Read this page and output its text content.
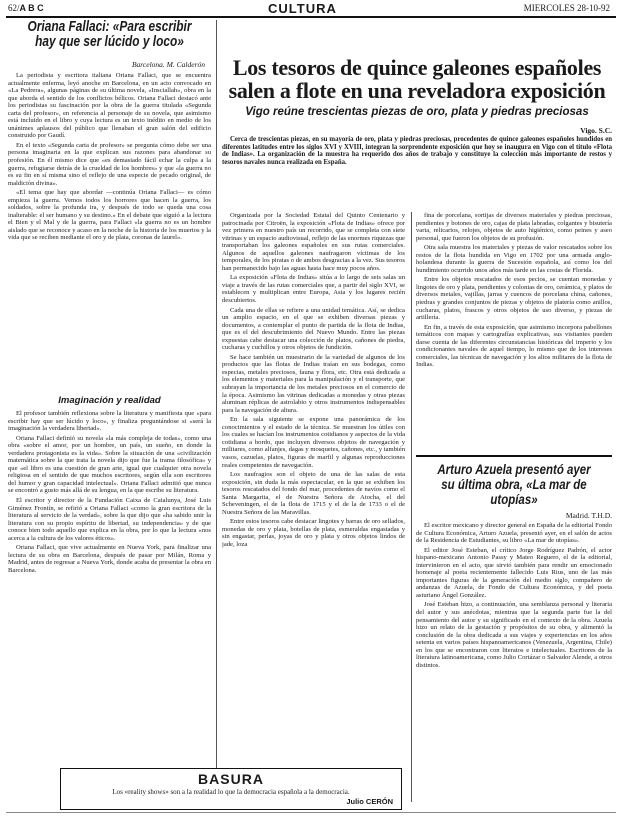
62/A B C	CULTURA	MIERCOLES 28-10-92
Oriana Fallaci: «Para escribir hay que ser lúcido y loco»
Barcelona. M. Calderón

La periodista y escritora italiana Oriana Fallaci, que se encuentra actualmente enferma, leyó anoche en Barcelona, en un acto convocado en «La Pedrera», algunas páginas de su última novela, «Insciallah», obra en la que aborda el sentido de los conflictos bélicos. Oriana Fallaci destacó ante los periodistas su fascinación por la obra de la guerra titulada «Segunda carta del profesor», en referencia al personaje de su novela, que asimismo está incluido en el libro y cuya lectura es un texto inédito en medio de los unánimes aplausos del público que llenaban el gran salón del edificio construido por Gaudí.

En el texto «Segunda carta de profesor» se pregunta cómo debe ser una persona imaginaria en la que explican sus razones para abandonar su profesión. En él mismo dice que «es demasiado fácil echar la culpa a la guerra, refugiarse detrás de la crueldad de los hombres» y que «la guerra no es su fin en sí misma sino el reflejo de una especie de pecado original, de maldición divina».

«El tema que hay que abordar —continúa Oriana Fallaci— es cómo empieza la guerra. Vemos todos los horrores que hacen la guerra, los soldados, sobre la profunda ira, y después de todo se queda una cosa inalterable: el ser humano y su destino.» En el debate que siguió a la lectura el Bien y el Mal y de la guerra, para Fallaci «la guerra no es un hombre aislado que se reconoce y acaso en la noche de la historia de los muertos y la vida que se reciben mediante el oro y de plata, coronas de laurel».

Imaginación y realidad

El profesor también reflexiona sobre la literatura y manifiesta que «para escribir hay que ser lúcido y loco», y finaliza preguntándose si «será la imaginación la verdadera libertad».

Oriana Fallaci definió su novela «la más compleja de todas», como una obra «sobre el amor, por un hombre, un país, un sueño, en donde la verdadera protagonista es la vida». Sobre la situación de una «civilización matemática sobre la que trata la novela dijo que fue la trama filosófica» y que «el libro es una cuestión de gran arte, igual que cualquier otra novela religiosa en el sentido de que muchos escritores, según ella son escritores del humor y gran capacidad intelectual». Oriana Fallaci admitió que nunca se encontró a gusto más allá de su lengua, en la que escribe su literatura.

El escritor y director de la Fundación Caixa de Catalunya, José Luis Giménez Frontín, se refirió a Oriana Fallaci «como la gran escritora de la literatura al servicio de la verdad», sobre la que dijo que «ha sabido unir la literatura con su propio espíritu de libertad, su independencia» y de que conoce bien todo aquello que explica en la obra, por lo que la lectura «nos acerca a la cultura de los valores éticos».

Oriana Fallaci, que vive actualmente en Nueva York, para finalizar una lectura de su obra en Barcelona, después de pasar por Milán, Roma y Madrid, antes de regresar a Nueva York, donde acaba de presentar la obra en Barcelona.

Los tesoros de quince galeones españoles salen a flote en una reveladora exposición
Vigo reúne trescientas piezas de oro, plata y piedras preciosas
Vigo. S.C.

Cerca de trescientas piezas, en su mayoría de oro, plata y piedras preciosas, procedentes de quince galeones españoles hundidos en diferentes latitudes entre los siglos XVI y XVIII, integran la sorprendente exposición que hoy se inaugura en Vigo con el título «Flota de Indias». La organización de la muestra ha requerido dos años de trabajo y constituye la colección más importante de restos y tesoros navales nunca realizada en España.

Organizada por la Sociedad Estatal del Quinto Centenario y patrocinada por Citroën, la exposición «Flota de Indias» ofrece por vez primera en nuestro país un recorrido, que se completa con siete vitrinas y un espacio audiovisual, reflejo de las enormes riquezas que transportaban los galeones españoles en sus rutas comerciales. Algunos de aquellos galeones naufragaron víctimas de los temporales, de los piratas o de ambos desgracias a la vez. Sus tesoros han permanecido bajo las aguas hasta hace muy pocos años.

La exposición «Flota de Indias» sitúa a lo largo de seis salas un viaje a través de las rutas comerciales que, a partir del siglo XVI, se establecen y multiplican entre Europa, Asia y los lugares recién descubiertos.

Cada una de ellas se refiere a una unidad temática. Así, se dedica un amplio espacio, en el que se exhiben diversas piezas y documentos, a contemplar el punto de partida de la flota de Indias, que es el del descubrimiento del Nuevo Mundo. Entre las piezas expuestas cabe destacar una colección de platos, cañones de piedra, cucharas y cuchillos y otros objetos de fundición.

Se hace también un muestrario de la variedad de algunos de los productos que las flotas de Indias traían en sus bodegas, como especias, metales preciosos, fauna y flora, etc. Otra está dedicada a los elementos y materiales para la manipulación y el transporte, que subrayan la importancia de los metales preciosos en el comercio de la época. Asimismo las vitrinas dedicadas a monedas y otras piezas aluminan réplicas de astrolabio y otros instrumentos indispensables para la navegación de altura.

En la sala siguiente se expone una panorámica de los conocimientos y el estado de la técnica. Se muestran los útiles con los cuales se hacían los instrumentos cotidianos y aspectos de la vida cotidiana a bordo, que incluyen diversos objetos de navegación y militares, como alfanjes, dagas y mosquetes, cañones, etc., y también vasos, cazuelas, platos, figuras de marfil y algunas reproducciones reales competentes de navegación.

Los naufragios son el objeto de una de las salas de esta exposición, sin duda la más espectacular, en la que se exhiben los tesoros rescatados del fondo del mar, procedentes de navíos como el Santa Margarita, el de Nuestra Señora de Atocha, el del Scheveningen, el de la flota de 1715 y el de la de 1733 o el de Nuestra Señora de las Maravillas.

Entre estos tesoros cabe destacar lingotes y barras de oro sellados, monedas de oro y plata, botellas de plata, esmeraldas engastadas y sin engastar, perlas, joyas de oro y plata y otros objetos lindos de jade, loza

fina de porcelana, sortijas de diversos materiales y piedras preciosas, pendientes y botones de oro, cajas de plata labradas, colgantes y bisutería varia, relicarios, relojes, objetos de auto higiénico, como peines y aseo personal, que fueron los objetos de su profusión.

Otra sala muestra los materiales y piezas de valor rescatados sobre los restos de la flota hundida en Vigo en 1702 por una armada anglo-holandesa durante la guerra de Sucesión española, así como los del hundimiento ocurrido unos años más tarde en las costas de Florida.

Entre los objetos rescatados de esos pecios, se cuentan monedas y lingotes de oro y plata, pendientes y colonias de oro, cerámica, y platos de diversos metales, vajillas, jarras y cuencos de porcelana china, cañones, piedras y grandes conjuntos de piezas y objetos de platería como anillos, cucharas, platos, frascos y otros objetos de uso diverso, y piezas de artillería.

En fin, a través de esta exposición, que asimismo incorpora pabellones temáticos con mapas y cartografías explicativas, sus visitantes pueden darse cuenta de las diferentes circunstancias históricas del imperio y los condicionantes navales de aquel tiempo, lo mismo que de los intereses comerciales, las técnicas de navegación y los altos militares de la flota de Indias.

Arturo Azuela presentó ayer su última obra, «La mar de utopías»
Madrid. T.H.D.

El escritor mexicano y director general en España de la editorial Fondo de Cultura Económica, Arturo Azuela, presentó ayer, en el salón de actos de la Residencia de Estudiantes, su libro «La mar de utopías».

El editor José Esteban, el crítico Jorge Rodríguez Padrón, el actor hispano-mexicano Antonio Passy y Mateo Reguero, el de la editorial, intervinieron en el acto, que sirvió también para rendir un emocionado homenaje al poeta recientemente fallecido Luis Rius, uno de las más importantes figuras de la generación del medio siglo, compañero de andanzas de Azuela, de Fondo de Cultura Económica, y del poeta asturiano Ángel González.

José Esteban hizo, a continuación, una semblanza personal y literaria del autor y sus anécdotas, mientras que la segunda parte fue la del pensamiento del autor y su significado en el contexto de la obra. Azuela hizo un relato de la gestación y propósitos de su obra, y alimentó la conclusión de la obra dedicada a sus viajes y experiencias en los años setenta en varios países hispanoamericanos (Venezuela, Argentina, Chile) en los que se encontraron con literatos e intelectuales. Escritores de la literatura latinoamericana, como Julio Cortázar o Salvador Alende, a otros distintos.

BASURA
Los «reality shows» son a la realidad lo que la democracia española a la democracia.
Julio CERÓN
